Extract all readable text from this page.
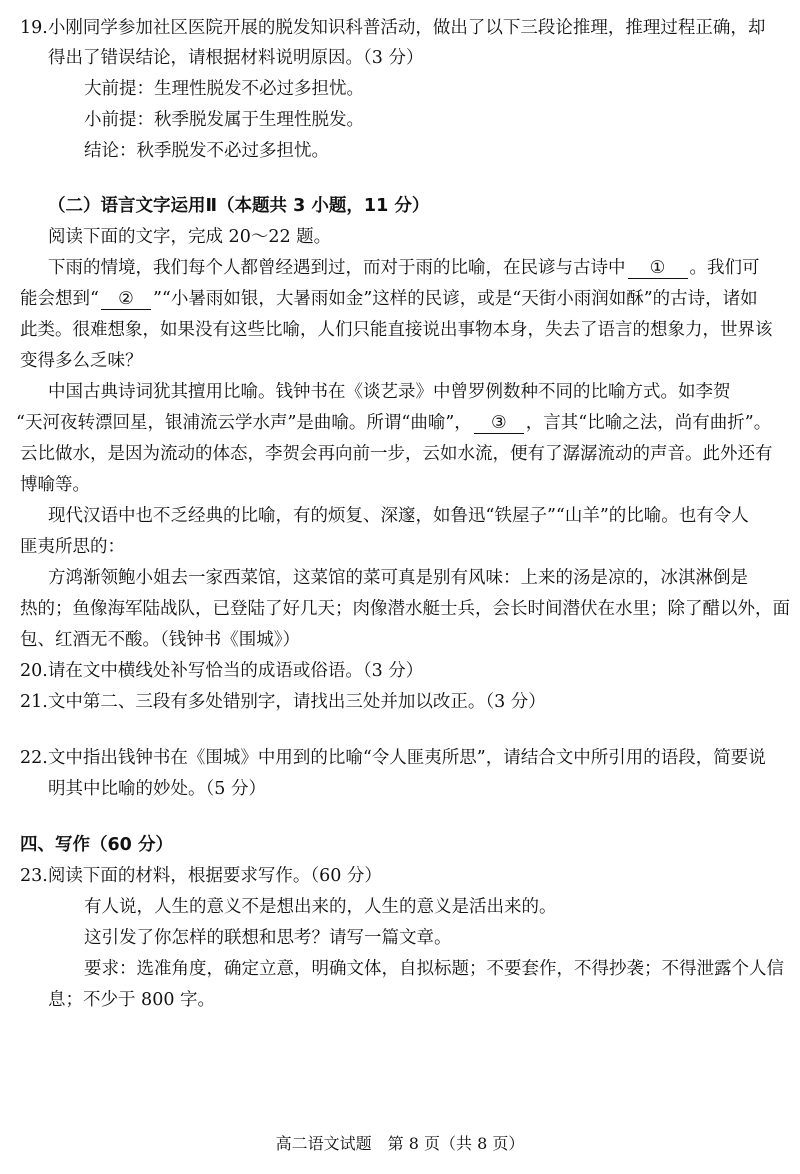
19.小刚同学参加社区医院开展的脱发知识科普活动，做出了以下三段论推理，推理过程正确，却
得出了错误结论，请根据材料说明原因。（3 分）
大前提：生理性脱发不必过多担忧。
小前提：秋季脱发属于生理性脱发。
结论：秋季脱发不必过多担忧。
（二）语言文字运用Ⅱ（本题共 3 小题，11 分）
阅读下面的文字，完成 20～22 题。
下雨的情境，我们每个人都曾经遇到过，而对于雨的比喻，在民谚与古诗中 ① 。我们可
能会想到“ ② ”“小暑雨如银，大暑雨如金”这样的民谚，或是“天街小雨润如酥”的古诗，诸如
此类。很难想象，如果没有这些比喻，人们只能直接说出事物本身，失去了语言的想象力，世界该
变得多么乏味？
中国古典诗词犹其擅用比喻。钱钟书在《谈艺录》中曾罗例数种不同的比喻方式。如李贺
“天河夜转漂回星，银浦流云学水声”是曲喻。所谓“曲喻”， ③ ，言其“比喻之法，尚有曲折”。
云比做水，是因为流动的体态，李贺会再向前一步，云如水流，便有了潺潺流动的声音。此外还有
博喻等。
现代汉语中也不乏经典的比喻，有的烦复、深邃，如鲁迅“铁屋子”“山羊”的比喻。也有令人
匪夷所思的：
方鸿渐领鲍小姐去一家西菜馆，这菜馆的菜可真是别有风味：上来的汤是凉的，冰淇淋倒是
热的；鱼像海军陆战队，已登陆了好几天；肉像潜水艇士兵，会长时间潜伏在水里；除了醋以外，面
包、红酒无不酸。（钱钟书《围城》）
20.请在文中横线处补写恰当的成语或俗语。（3 分）
21.文中第二、三段有多处错别字，请找出三处并加以改正。（3 分）
22.文中指出钱钟书在《围城》中用到的比喻“令人匪夷所思”，请结合文中所引用的语段，简要说
明其中比喻的妙处。（5 分）
四、写作（60 分）
23.阅读下面的材料，根据要求写作。（60 分）
有人说，人生的意义不是想出来的，人生的意义是活出来的。
这引发了你怎样的联想和思考？请写一篇文章。
要求：选准角度，确定立意，明确文体，自拟标题；不要套作，不得抄袭；不得泄露个人信
息；不少于 800 字。
高二语文试题　第 8 页（共 8 页）
